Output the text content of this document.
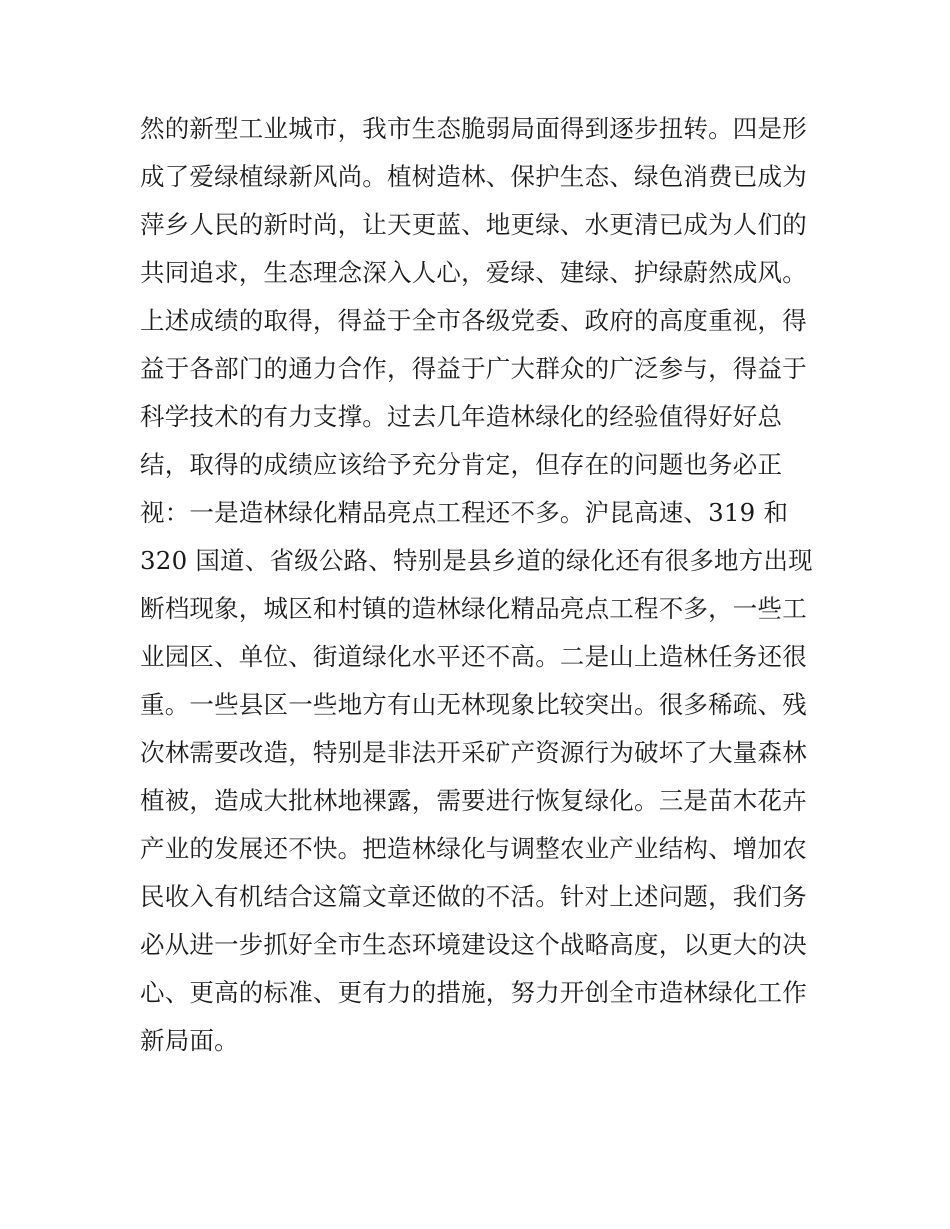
然的新型工业城市，我市生态脆弱局面得到逐步扭转。四是形
成了爱绿植绿新风尚。植树造林、保护生态、绿色消费已成为
萍乡人民的新时尚，让天更蓝、地更绿、水更清已成为人们的
共同追求，生态理念深入人心，爱绿、建绿、护绿蔚然成风。
上述成绩的取得，得益于全市各级党委、政府的高度重视，得
益于各部门的通力合作，得益于广大群众的广泛参与，得益于
科学技术的有力支撑。过去几年造林绿化的经验值得好好总
结，取得的成绩应该给予充分肯定，但存在的问题也务必正
视：一是造林绿化精品亮点工程还不多。沪昆高速、319 和
320 国道、省级公路、特别是县乡道的绿化还有很多地方出现
断档现象，城区和村镇的造林绿化精品亮点工程不多，一些工
业园区、单位、街道绿化水平还不高。二是山上造林任务还很
重。一些县区一些地方有山无林现象比较突出。很多稀疏、残
次林需要改造，特别是非法开采矿产资源行为破坏了大量森林
植被，造成大批林地裸露，需要进行恢复绿化。三是苗木花卉
产业的发展还不快。把造林绿化与调整农业产业结构、增加农
民收入有机结合这篇文章还做的不活。针对上述问题，我们务
必从进一步抓好全市生态环境建设这个战略高度，以更大的决
心、更高的标准、更有力的措施，努力开创全市造林绿化工作
新局面。
